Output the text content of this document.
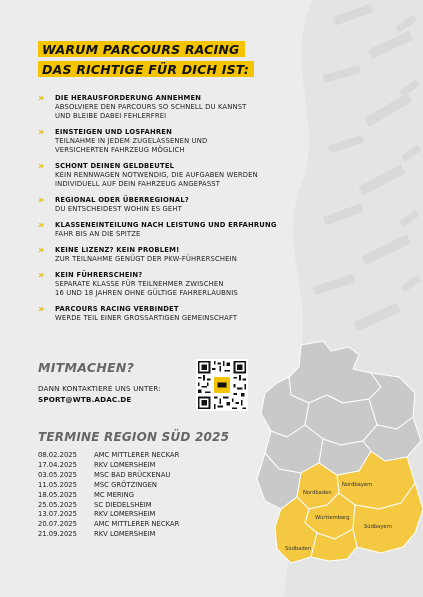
WARUM PARCOURS RACING
DAS RICHTIGE FÜR DICH IST:
» DIE HERAUSFORDERUNG ANNEHMEN
ABSOLVIERE DEN PARCOURS SO SCHNELL DU KANNST
UND BLEIBE DABEI FEHLERFREI
» EINSTEIGEN UND LOSFAHREN
TEILNAHME IN JEDEM ZUGELASSENEN UND
VERSICHERTEN FAHRZEUG MÖGLICH
» SCHONT DEINEN GELDBEUTEL
KEIN RENNWAGEN NOTWENDIG, DIE AUFGABEN WERDEN
INDIVIDUELL AUF DEIN FAHRZEUG ANGEPASST
» REGIONAL ODER ÜBERREGIONAL?
DU ENTSCHEIDEST WOHIN ES GEHT
» KLASSENEINTEILUNG NACH LEISTUNG UND ERFAHRUNG
FAHR BIS AN DIE SPITZE
» KEINE LIZENZ? KEIN PROBLEM!
ZUR TEILNAHME GENÜGT DER PKW-FÜHRERSCHEIN
» KEIN FÜHRERSCHEIN?
SEPARATE KLASSE FÜR TEILNEHMER ZWISCHEN
16 UND 18 JAHREN OHNE GÜLTIGE FAHRERLAUBNIS
» PARCOURS RACING VERBINDET
WERDE TEIL EINER GROSSARTIGEN GEMEINSCHAFT
Nordbayern
Nordbaden
Württemberg
Südbayern
Südbaden
MITMACHEN?
DANN KONTAKTIERE UNS UNTER:
SPORT@WTB.ADAC.DE
TERMINE REGION SÜD 2025
08.02.2025	AMC MITTLERER NECKAR
17.04.2025	RKV LOMERSHEIM
03.05.2025	MSC BAD BRÜCKENAU
11.05.2025	MSC GRÖTZINGEN
18.05.2025	MC MERING
25.05.2025	SC DIEDELSHEIM
13.07.2025	RKV LOMERSHEIM
20.07.2025	AMC MITTLERER NECKAR
21.09.2025	RKV LOMERSHEIM
